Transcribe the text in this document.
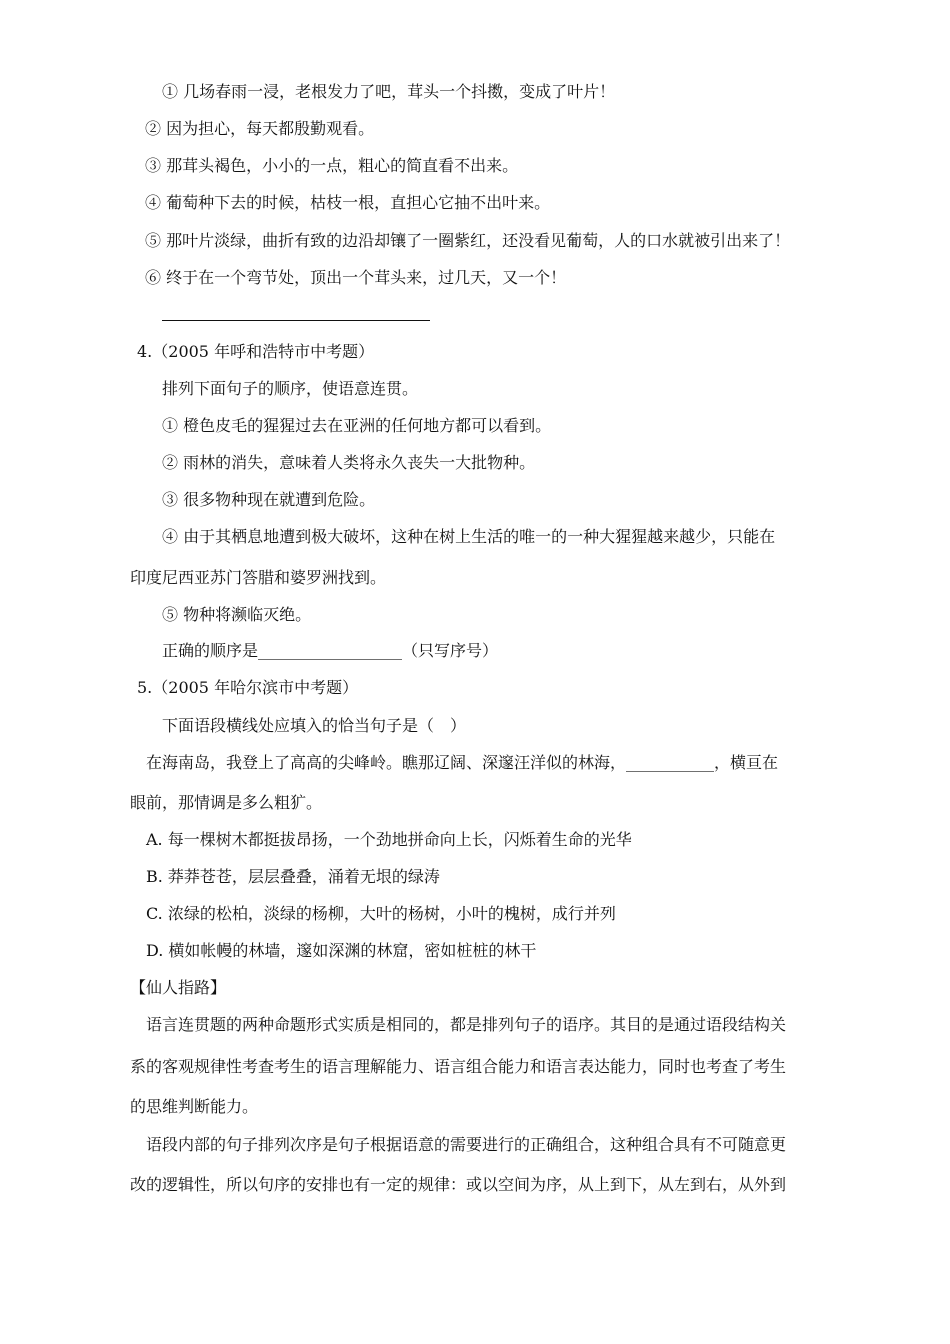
① 几场春雨一浸，老根发力了吧，茸头一个抖擞，变成了叶片！
② 因为担心，每天都殷勤观看。
③ 那茸头褐色，小小的一点，粗心的简直看不出来。
④ 葡萄种下去的时候，枯枝一根，直担心它抽不出叶来。
⑤ 那叶片淡绿，曲折有致的边沿却镶了一圈紫红，还没看见葡萄，人的口水就被引出来了！
⑥ 终于在一个弯节处，顶出一个茸头来，过几天，又一个！
4.（2005 年呼和浩特市中考题）
排列下面句子的顺序，使语意连贯。
① 橙色皮毛的猩猩过去在亚洲的任何地方都可以看到。
② 雨林的消失，意味着人类将永久丧失一大批物种。
③ 很多物种现在就遭到危险。
④ 由于其栖息地遭到极大破坏，这种在树上生活的唯一的一种大猩猩越来越少，只能在
印度尼西亚苏门答腊和婆罗洲找到。
⑤ 物种将濒临灭绝。
正确的顺序是__________________（只写序号）
5.（2005 年哈尔滨市中考题）
下面语段横线处应填入的恰当句子是（　）
在海南岛，我登上了高高的尖峰岭。瞧那辽阔、深邃汪洋似的林海，___________，横亘在
眼前，那情调是多么粗犷。
A. 每一棵树木都挺拔昂扬，一个劲地拼命向上长，闪烁着生命的光华
B. 莽莽苍苍，层层叠叠，涌着无垠的绿涛
C. 浓绿的松柏，淡绿的杨柳，大叶的杨树，小叶的槐树，成行并列
D. 横如帐幔的林墙，邃如深渊的林窟，密如桩桩的林干
【仙人指路】
语言连贯题的两种命题形式实质是相同的，都是排列句子的语序。其目的是通过语段结构关
系的客观规律性考查考生的语言理解能力、语言组合能力和语言表达能力，同时也考查了考生
的思维判断能力。
语段内部的句子排列次序是句子根据语意的需要进行的正确组合，这种组合具有不可随意更
改的逻辑性，所以句序的安排也有一定的规律：或以空间为序，从上到下，从左到右，从外到
